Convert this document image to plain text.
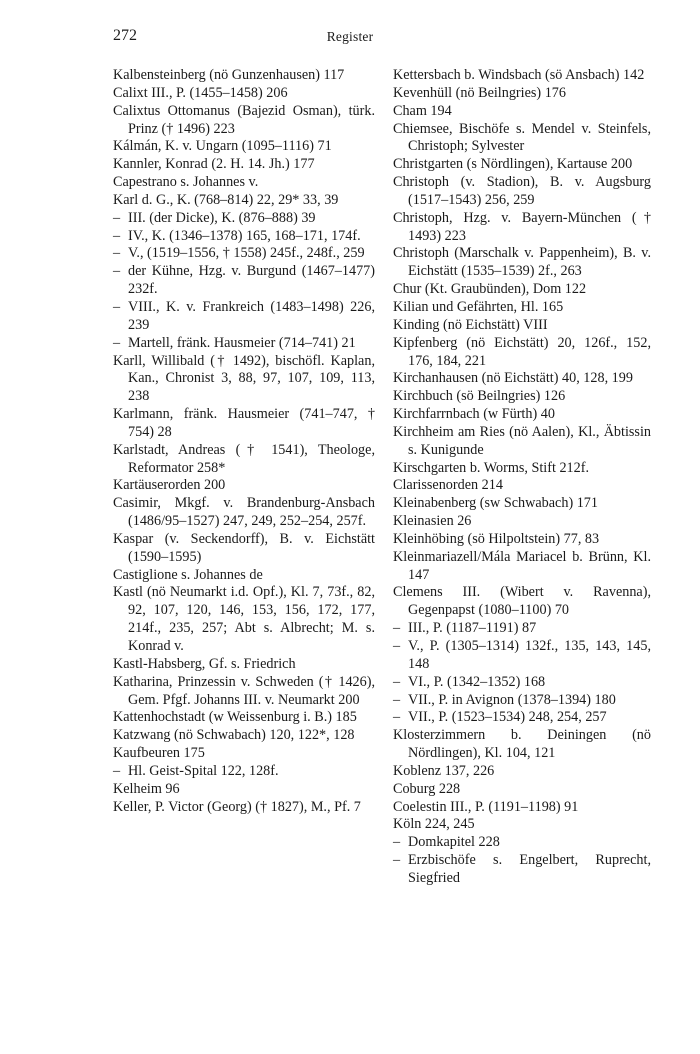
272	Register
Kalbensteinberg (nö Gunzenhausen) 117
Calixt III., P. (1455–1458) 206
Calixtus Ottomanus (Bajezid Osman), türk. Prinz († 1496) 223
Kálmán, K. v. Ungarn (1095–1116) 71
Kannler, Konrad (2. H. 14. Jh.) 177
Capestrano s. Johannes v.
Karl d. G., K. (768–814) 22, 29* 33, 39
– III. (der Dicke), K. (876–888) 39
– IV., K. (1346–1378) 165, 168–171, 174f.
– V., (1519–1556, † 1558) 245f., 248f., 259
– der Kühne, Hzg. v. Burgund (1467–1477) 232f.
– VIII., K. v. Frankreich (1483–1498) 226, 239
– Martell, fränk. Hausmeier (714–741) 21
Karll, Willibald († 1492), bischöfl. Kaplan, Kan., Chronist 3, 88, 97, 107, 109, 113, 238
Karlmann, fränk. Hausmeier (741–747, † 754) 28
Karlstadt, Andreas († 1541), Theologe, Reformator 258*
Kartäuserorden 200
Casimir, Mkgf. v. Brandenburg-Ansbach (1486/95–1527) 247, 249, 252–254, 257f.
Kaspar (v. Seckendorff), B. v. Eichstätt (1590–1595)
Castiglione s. Johannes de
Kastl (nö Neumarkt i.d. Opf.), Kl. 7, 73f., 82, 92, 107, 120, 146, 153, 156, 172, 177, 214f., 235, 257; Abt s. Albrecht; M. s. Konrad v.
Kastl-Habsberg, Gf. s. Friedrich
Katharina, Prinzessin v. Schweden († 1426), Gem. Pfgf. Johanns III. v. Neumarkt 200
Kattenhochstadt (w Weissenburg i. B.) 185
Katzwang (nö Schwabach) 120, 122*, 128
Kaufbeuren 175
– Hl. Geist-Spital 122, 128f.
Kelheim 96
Keller, P. Victor (Georg) († 1827), M., Pf. 7
Kettersbach b. Windsbach (sö Ansbach) 142
Kevenhüll (nö Beilngries) 176
Cham 194
Chiemsee, Bischöfe s. Mendel v. Steinfels, Christoph; Sylvester
Christgarten (s Nördlingen), Kartause 200
Christoph (v. Stadion), B. v. Augsburg (1517–1543) 256, 259
Christoph, Hzg. v. Bayern-München († 1493) 223
Christoph (Marschalk v. Pappenheim), B. v. Eichstätt (1535–1539) 2f., 263
Chur (Kt. Graubünden), Dom 122
Kilian und Gefährten, Hl. 165
Kinding (nö Eichstätt) VIII
Kipfenberg (nö Eichstätt) 20, 126f., 152, 176, 184, 221
Kirchanhausen (nö Eichstätt) 40, 128, 199
Kirchbuch (sö Beilngries) 126
Kirchfarrnbach (w Fürth) 40
Kirchheim am Ries (nö Aalen), Kl., Äbtissin s. Kunigunde
Kirschgarten b. Worms, Stift 212f.
Clarissenorden 214
Kleinabenberg (sw Schwabach) 171
Kleinasien 26
Kleinhöbing (sö Hilpoltstein) 77, 83
Kleinmariazell/Mála Mariacel b. Brünn, Kl. 147
Clemens III. (Wibert v. Ravenna), Gegenpapst (1080–1100) 70
– III., P. (1187–1191) 87
– V., P. (1305–1314) 132f., 135, 143, 145, 148
– VI., P. (1342–1352) 168
– VII., P. in Avignon (1378–1394) 180
– VII., P. (1523–1534) 248, 254, 257
Klosterzimmern b. Deiningen (nö Nördlingen), Kl. 104, 121
Koblenz 137, 226
Coburg 228
Coelestin III., P. (1191–1198) 91
Köln 224, 245
– Domkapitel 228
– Erzbischöfe s. Engelbert, Ruprecht, Siegfried
